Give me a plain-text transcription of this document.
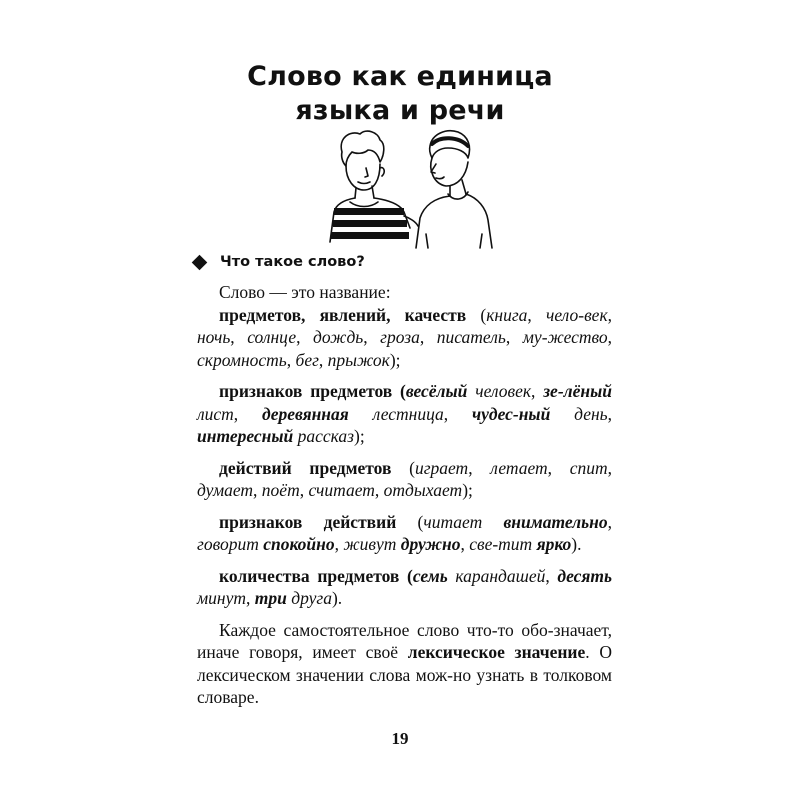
Слово как единица
языка и речи
Что такое слово?

Слово — это название:

предметов, явлений, качеств (книга, чело-век, ночь, солнце, дождь, гроза, писатель, му-жество, скромность, бег, прыжок);

признаков предметов (весёлый человек, зе-лёный лист, деревянная лестница, чудес-ный день, интересный рассказ);

действий предметов (играет, летает, спит, думает, поёт, считает, отдыхает);

признаков действий (читает внимательно, говорит спокойно, живут дружно, све-тит ярко).

количества предметов (семь карандашей, десять минут, три друга).

Каждое самостоятельное слово что-то обо-значает, иначе говоря, имеет своё лексическое значение. О лексическом значении слова мож-но узнать в толковом словаре.

19
